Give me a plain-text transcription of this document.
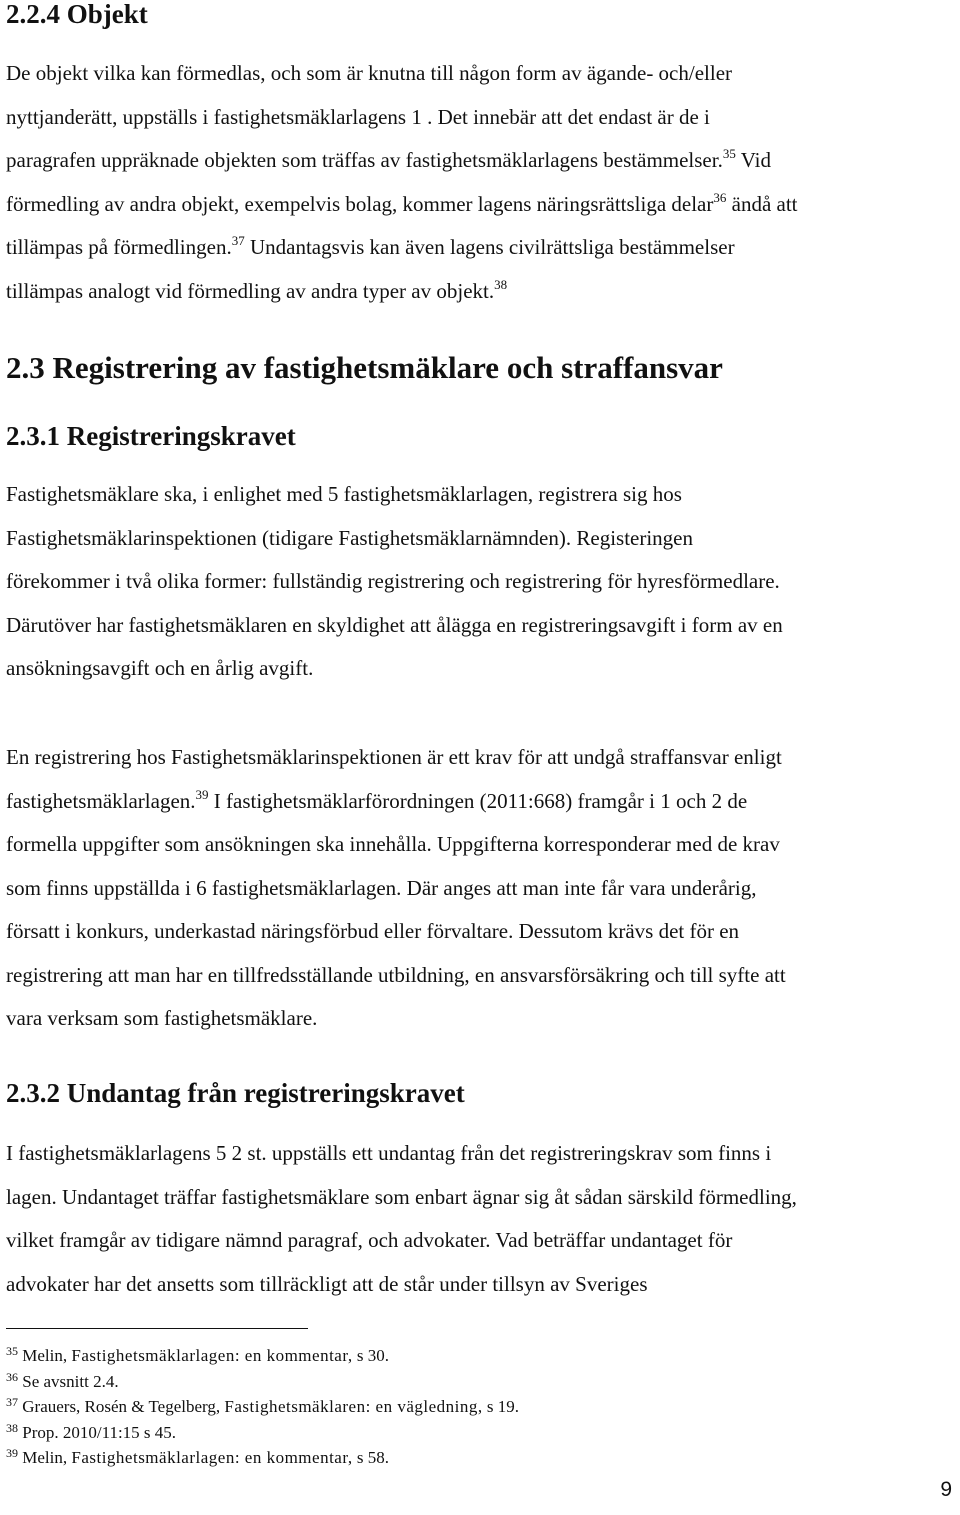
2.2.4 Objekt
De objekt vilka kan förmedlas, och som är knutna till någon form av ägande- och/eller
nyttjanderätt, uppställs i fastighetsmäklarlagens 1 . Det innebär att det endast är de i
paragrafen uppräknade objekten som träffas av fastighetsmäklarlagens bestämmelser.$^{35}$ Vid
förmedling av andra objekt, exempelvis bolag, kommer lagens näringsrättsliga delar$^{36}$ ändå att
tillämpas på förmedlingen.$^{37}$ Undantagsvis kan även lagens civilrättsliga bestämmelser
tillämpas analogt vid förmedling av andra typer av objekt.$^{38}$
2.3 Registrering av fastighetsmäklare och straffansvar
2.3.1 Registreringskravet
Fastighetsmäklare ska, i enlighet med 5 fastighetsmäklarlagen, registrera sig hos
Fastighetsmäklarinspektionen (tidigare Fastighetsmäklarnämnden). Registeringen
förekommer i två olika former: fullständig registrering och registrering för hyresförmedlare.
Därutöver har fastighetsmäklaren en skyldighet att ålägga en registreringsavgift i form av en
ansökningsavgift och en årlig avgift.
En registrering hos Fastighetsmäklarinspektionen är ett krav för att undgå straffansvar enligt
fastighetsmäklarlagen.$^{39}$ I fastighetsmäklarförordningen (2011:668) framgår i 1 och 2 de
formella uppgifter som ansökningen ska innehålla. Uppgifterna korresponderar med de krav
som finns uppställda i 6 fastighetsmäklarlagen. Där anges att man inte får vara underårig,
försatt i konkurs, underkastad näringsförbud eller förvaltare. Dessutom krävs det för en
registrering att man har en tillfredsställande utbildning, en ansvarsförsäkring och till syfte att
vara verksam som fastighetsmäklare.
2.3.2 Undantag från registreringskravet
I fastighetsmäklarlagens 5 2 st. uppställs ett undantag från det registreringskrav som finns i
lagen. Undantaget träffar fastighetsmäklare som enbart ägnar sig åt sådan särskild förmedling,
vilket framgår av tidigare nämnd paragraf, och advokater. Vad beträffar undantaget för
advokater har det ansetts som tillräckligt att de står under tillsyn av Sveriges
$^{35}$ Melin, Fastighetsmäklarlagen: en kommentar, s 30.
$^{36}$ Se avsnitt 2.4.
$^{37}$ Grauers, Rosén & Tegelberg, Fastighetsmäklaren: en vägledning, s 19.
$^{38}$ Prop. 2010/11:15 s 45.
$^{39}$ Melin, Fastighetsmäklarlagen: en kommentar, s 58.
9
